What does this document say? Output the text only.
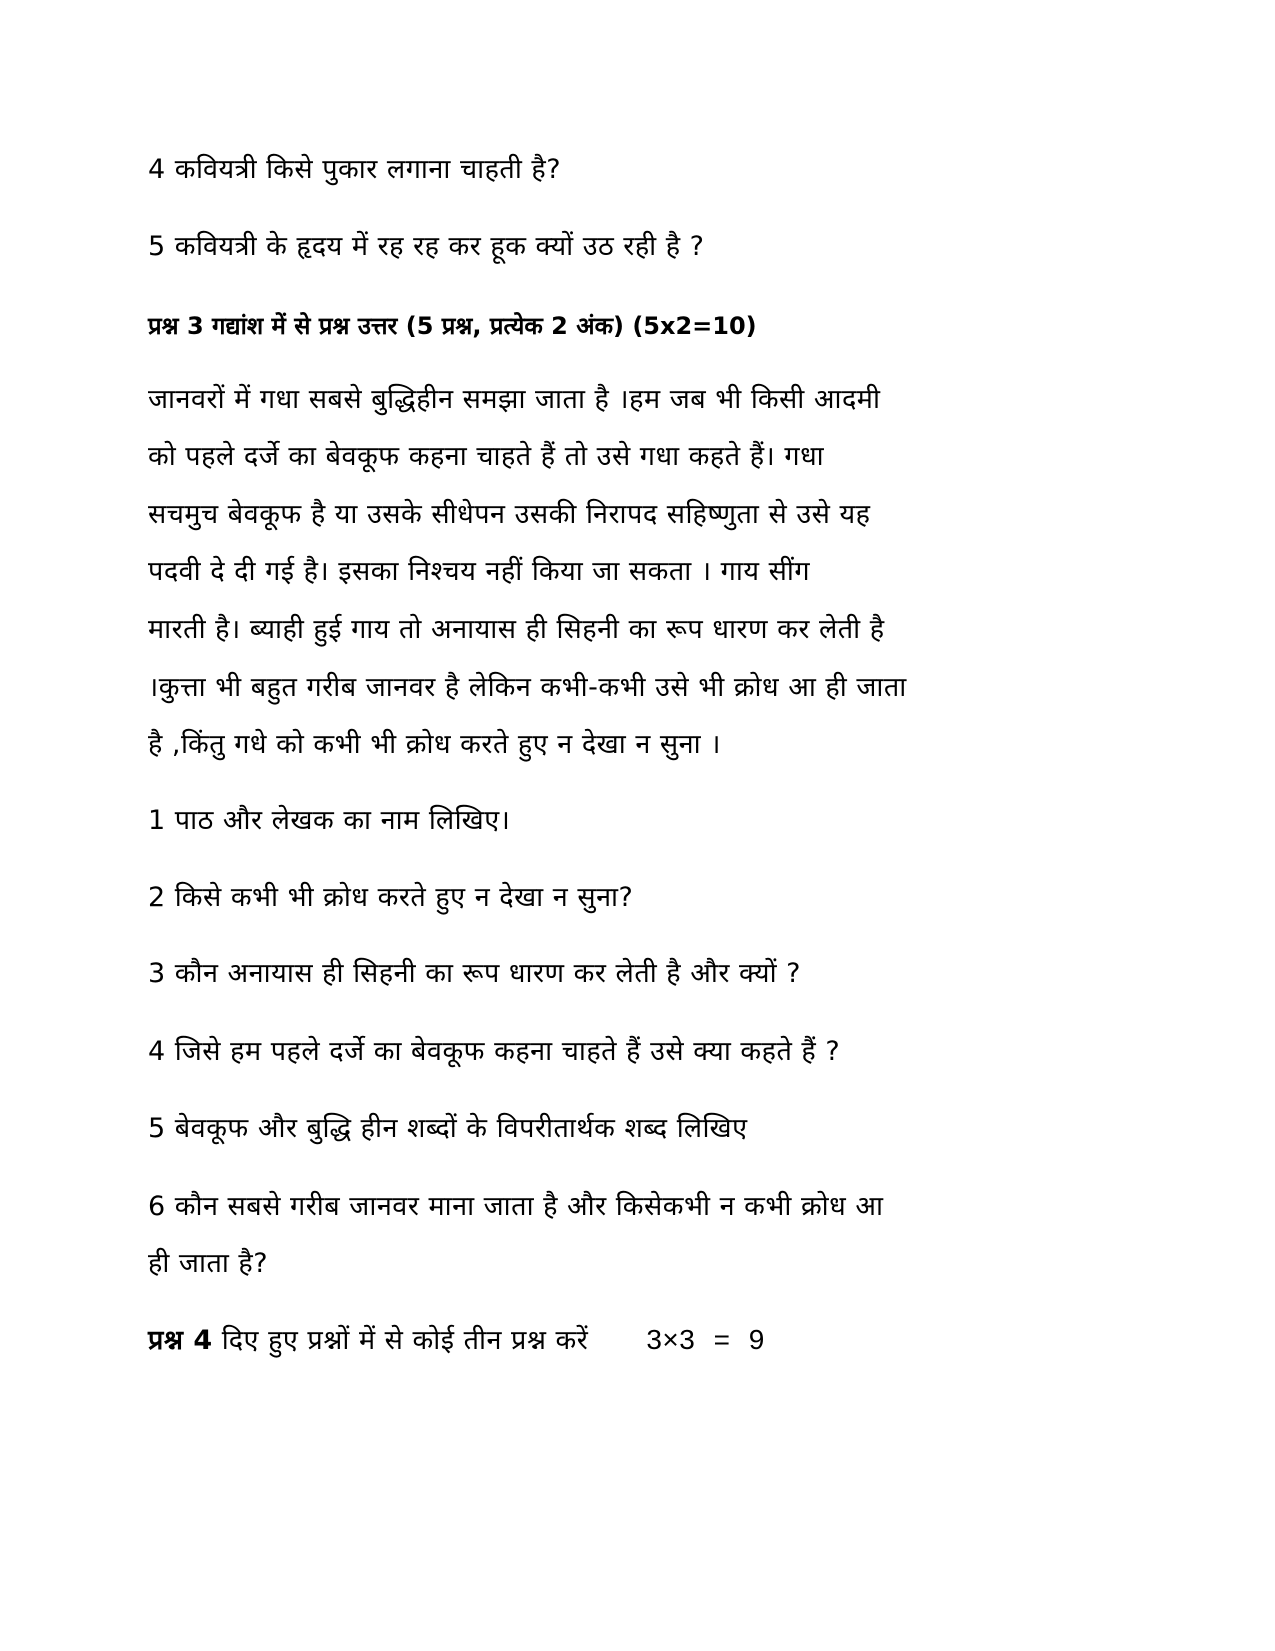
4 कवियत्री किसे पुकार लगाना चाहती है?
5 कवियत्री के हृदय में रह रह कर हूक क्यों उठ रही है ?
प्रश्न 3 गद्यांश में से प्रश्न उत्तर (5 प्रश्न, प्रत्येक 2 अंक) (5x2=10)
जानवरों में गधा सबसे बुद्धिहीन समझा जाता है ।हम जब भी किसी आदमी
को पहले दर्जे का बेवकूफ कहना चाहते हैं तो उसे गधा कहते हैं। गधा
सचमुच बेवकूफ है या उसके सीधेपन उसकी निरापद सहिष्णुता से उसे यह
पदवी दे दी गई है। इसका निश्चय नहीं किया जा सकता । गाय सींग
मारती है। ब्याही हुई गाय तो अनायास ही सिहनी का रूप धारण कर लेती है
।कुत्ता भी बहुत गरीब जानवर है लेकिन कभी-कभी उसे भी क्रोध आ ही जाता
है ,किंतु गधे को कभी भी क्रोध करते हुए न देखा न सुना ।
1 पाठ और लेखक का नाम लिखिए।
2 किसे कभी भी क्रोध करते हुए न देखा न सुना?
3 कौन अनायास ही सिहनी का रूप धारण कर लेती है और क्यों ?
4 जिसे हम पहले दर्जे का बेवकूफ कहना चाहते हैं उसे क्या कहते हैं ?
5 बेवकूफ और बुद्धि हीन शब्दों के विपरीतार्थक शब्द लिखिए
6 कौन सबसे गरीब जानवर माना जाता है और किसेकभी न कभी क्रोध आ
ही जाता है?
प्रश्न 4 दिए हुए प्रश्नों में से कोई तीन प्रश्न करें 3×3 = 9
